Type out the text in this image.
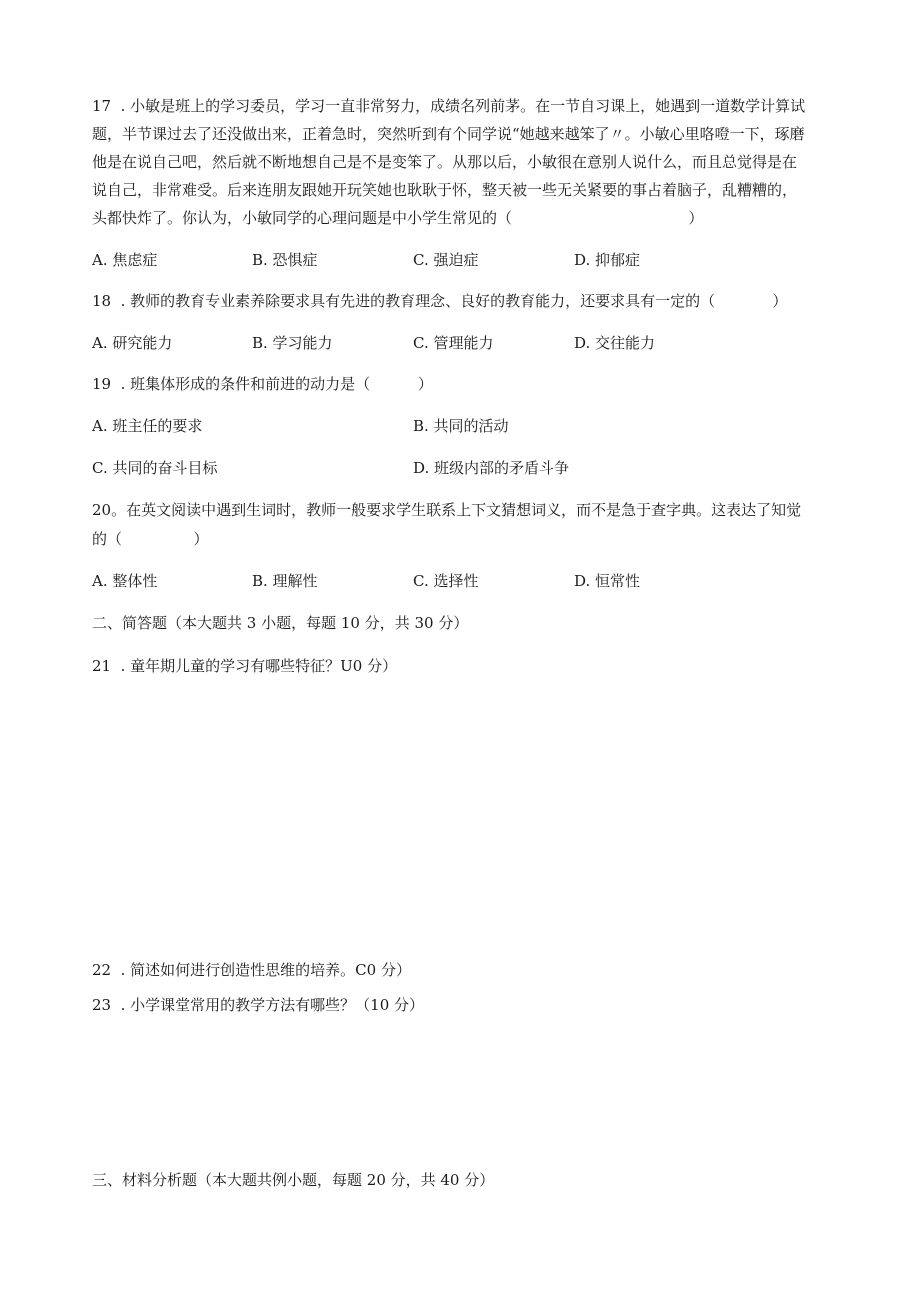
17  . 小敏是班上的学习委员，学习一直非常努力，成绩名列前茅。在一节自习课上，她遇到一道数学计算试
题，半节课过去了还没做出来，正着急时，突然听到有个同学说“她越来越笨了〃。小敏心里咯噔一下，琢磨
他是在说自己吧，然后就不断地想自己是不是变笨了。从那以后，小敏很在意别人说什么，而且总觉得是在
说自己，非常难受。后来连朋友跟她开玩笑她也耿耿于怀，整天被一些无关紧要的事占着脑子，乱糟糟的，
头都快炸了。你认为，小敏同学的心理问题是中小学生常见的（                                     ）
A. 焦虑症	B. 恐惧症	C. 强迫症	D. 抑郁症
18  . 教师的教育专业素养除要求具有先进的教育理念、良好的教育能力，还要求具有一定的（            ）
A. 研究能力	B. 学习能力	C. 管理能力	D. 交往能力
19  . 班集体形成的条件和前进的动力是（          ）
A. 班主任的要求	B. 共同的活动
C. 共同的奋斗目标	D. 班级内部的矛盾斗争
20。在英文阅读中遇到生词时，教师一般要求学生联系上下文猜想词义，而不是急于查字典。这表达了知觉
的（               ）
A. 整体性	B. 理解性	C. 选择性	D. 恒常性
二、简答题（本大题共 3 小题，每题 10 分，共 30 分）
21  . 童年期儿童的学习有哪些特征？U0 分）
22  . 简述如何进行创造性思维的培养。C0 分）
23  . 小学课堂常用的教学方法有哪些？（10 分）
三、材料分析题（本大题共例小题，每题 20 分，共 40 分）
